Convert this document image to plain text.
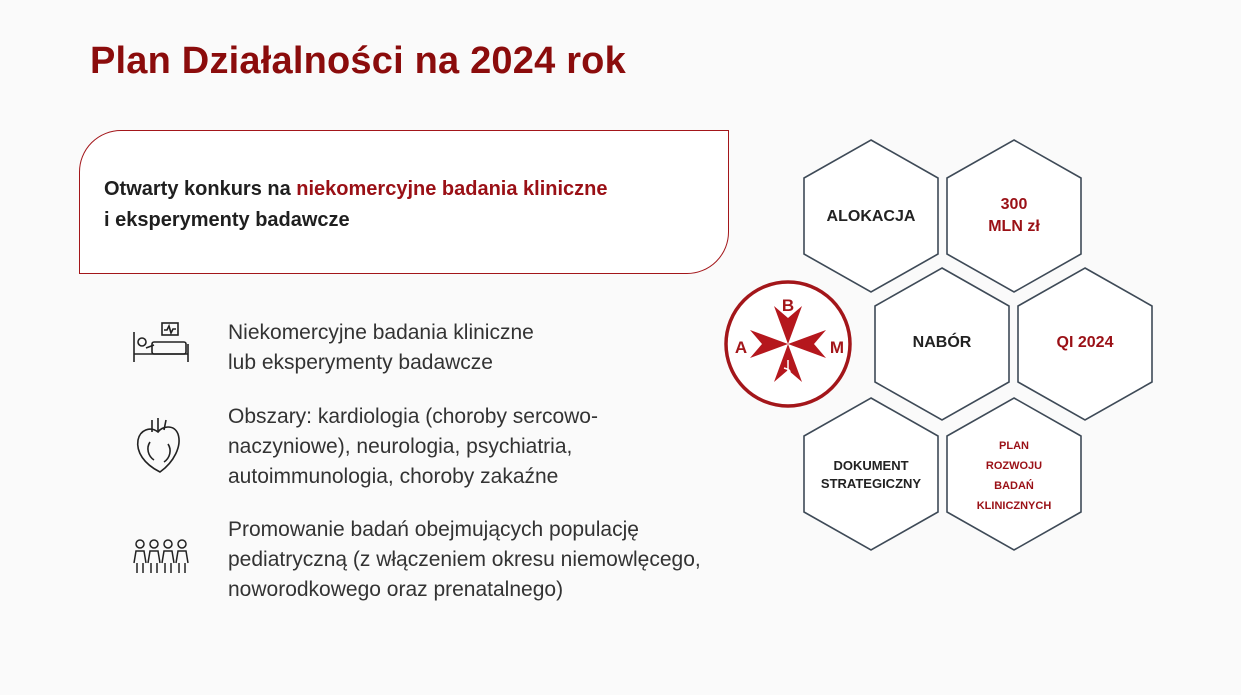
Plan Działalności na 2024 rok
Otwarty konkurs na niekomercyjne badania kliniczne
i eksperymenty badawcze
Niekomercyjne badania kliniczne
lub eksperymenty badawcze
Obszary: kardiologia (choroby sercowo-
naczyniowe), neurologia, psychiatria,
autoimmunologia, choroby zakaźne
Promowanie badań obejmujących populację
pediatryczną (z włączeniem okresu niemowlęcego,
noworodkowego oraz prenatalnego)
B
A	M
ALOKACJA
300
MLN zł
NABÓR	QI 2024
DOKUMENT
STRATEGICZNY
PLAN
ROZWOJU
BADAŃ
KLINICZNYCH
